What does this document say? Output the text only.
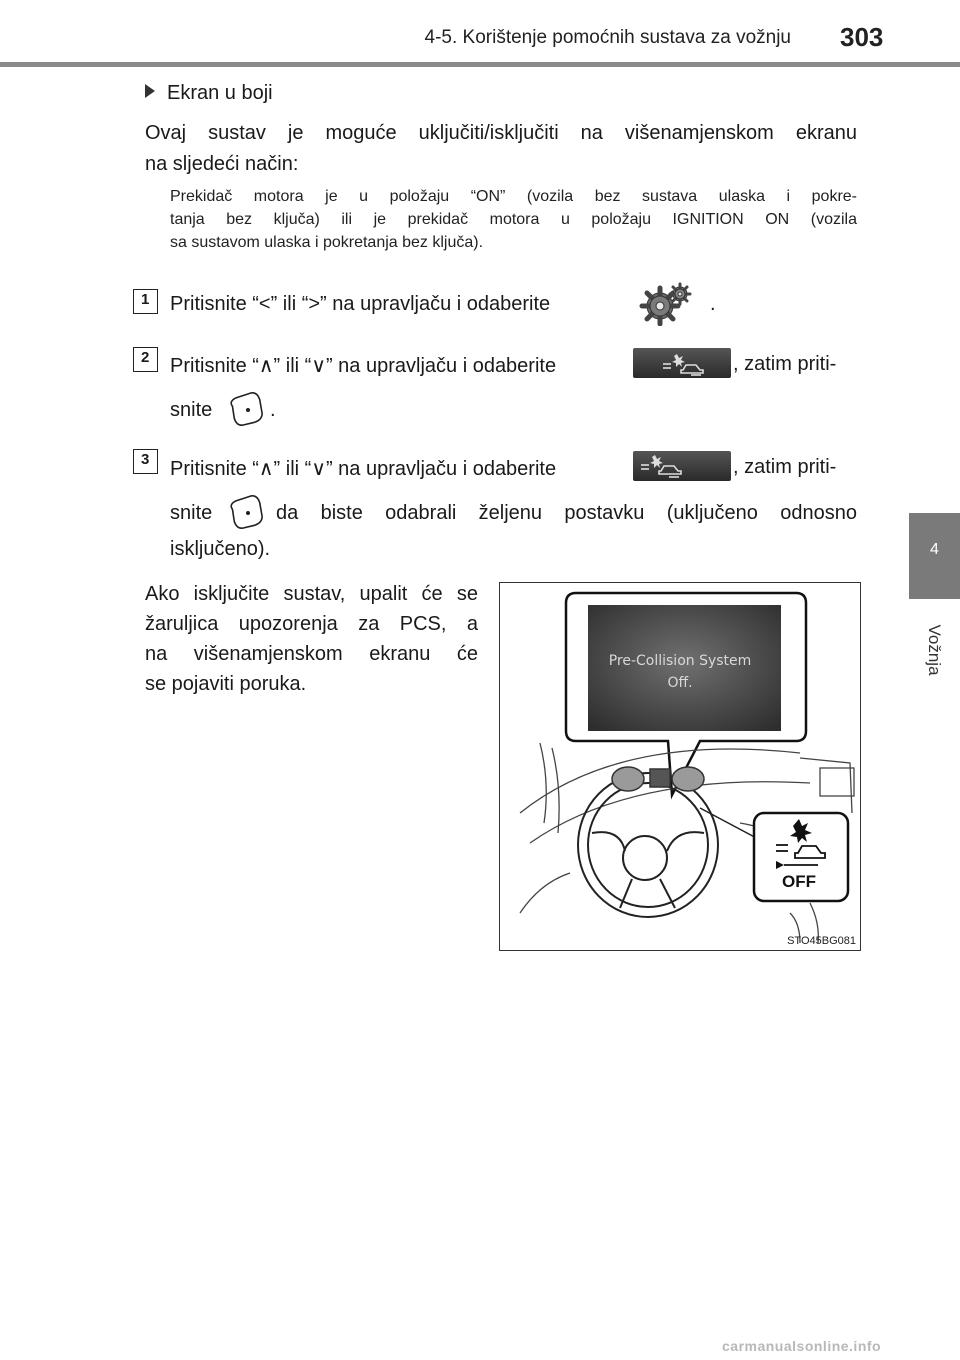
4-5. Korištenje pomoćnih sustava za vožnju 303
4
Vožnja
Ekran u boji
Ovaj sustav je moguće uključiti/isključiti na višenamjenskom ekranu
na sljedeći način:
Prekidač motora je u položaju “ON” (vozila bez sustava ulaska i pokre-
tanja bez ključa) ili je prekidač motora u položaju IGNITION ON (vozila
sa sustavom ulaska i pokretanja bez ključa).
1 Pritisnite “<” ili “>” na upravljaču i odaberite	.
2 Pritisnite “∧” ili “∨” na upravljaču i odaberite	, zatim priti-
snite	.
3 Pritisnite “∧” ili “∨” na upravljaču i odaberite	, zatim priti-
snite	da biste odabrali željenu postavku (uključeno odnosno
isključeno).
Ako isključite sustav, upalit će se
žaruljica upozorenja za PCS, a
na višenamjenskom ekranu će
se pojaviti poruka.
Pre-Collision System
Off.
OFF
STO45BG081
carmanualsonline.info
